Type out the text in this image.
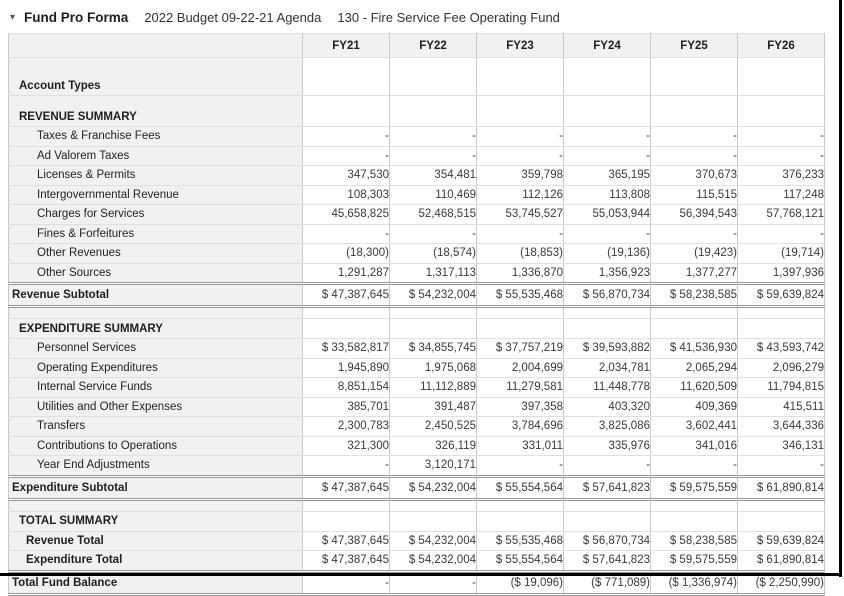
▾ Fund Pro Forma 2022 Budget 09-22-21 Agenda 130 - Fire Service Fee Operating Fund
	FY21	FY22	FY23	FY24	FY25	FY26
Account Types						
REVENUE SUMMARY						
Taxes & Franchise Fees	-	-	-	-	-	-
Ad Valorem Taxes	-	-	-	-	-	-
Licenses & Permits	347,530	354,481	359,798	365,195	370,673	376,233
Intergovernmental Revenue	108,303	110,469	112,126	113,808	115,515	117,248
Charges for Services	45,658,825	52,468,515	53,745,527	55,053,944	56,394,543	57,768,121
Fines & Forfeitures	-	-	-	-	-	-
Other Revenues	(18,300)	(18,574)	(18,853)	(19,136)	(19,423)	(19,714)
Other Sources	1,291,287	1,317,113	1,336,870	1,356,923	1,377,277	1,397,936
Revenue Subtotal	$ 47,387,645	$ 54,232,004	$ 55,535,468	$ 56,870,734	$ 58,238,585	$ 59,639,824

EXPENDITURE SUMMARY						
Personnel Services	$ 33,582,817	$ 34,855,745	$ 37,757,219	$ 39,593,882	$ 41,536,930	$ 43,593,742
Operating Expenditures	1,945,890	1,975,068	2,004,699	2,034,781	2,065,294	2,096,279
Internal Service Funds	8,851,154	11,112,889	11,279,581	11,448,778	11,620,509	11,794,815
Utilities and Other Expenses	385,701	391,487	397,358	403,320	409,369	415,511
Transfers	2,300,783	2,450,525	3,784,696	3,825,086	3,602,441	3,644,336
Contributions to Operations	321,300	326,119	331,011	335,976	341,016	346,131
Year End Adjustments	-	3,120,171	-	-	-	-
Expenditure Subtotal	$ 47,387,645	$ 54,232,004	$ 55,554,564	$ 57,641,823	$ 59,575,559	$ 61,890,814

TOTAL SUMMARY						
Revenue Total	$ 47,387,645	$ 54,232,004	$ 55,535,468	$ 56,870,734	$ 58,238,585	$ 59,639,824
Expenditure Total	$ 47,387,645	$ 54,232,004	$ 55,554,564	$ 57,641,823	$ 59,575,559	$ 61,890,814
Total Fund Balance	-	-	($ 19,096)	($ 771,089)	($ 1,336,974)	($ 2,250,990)
